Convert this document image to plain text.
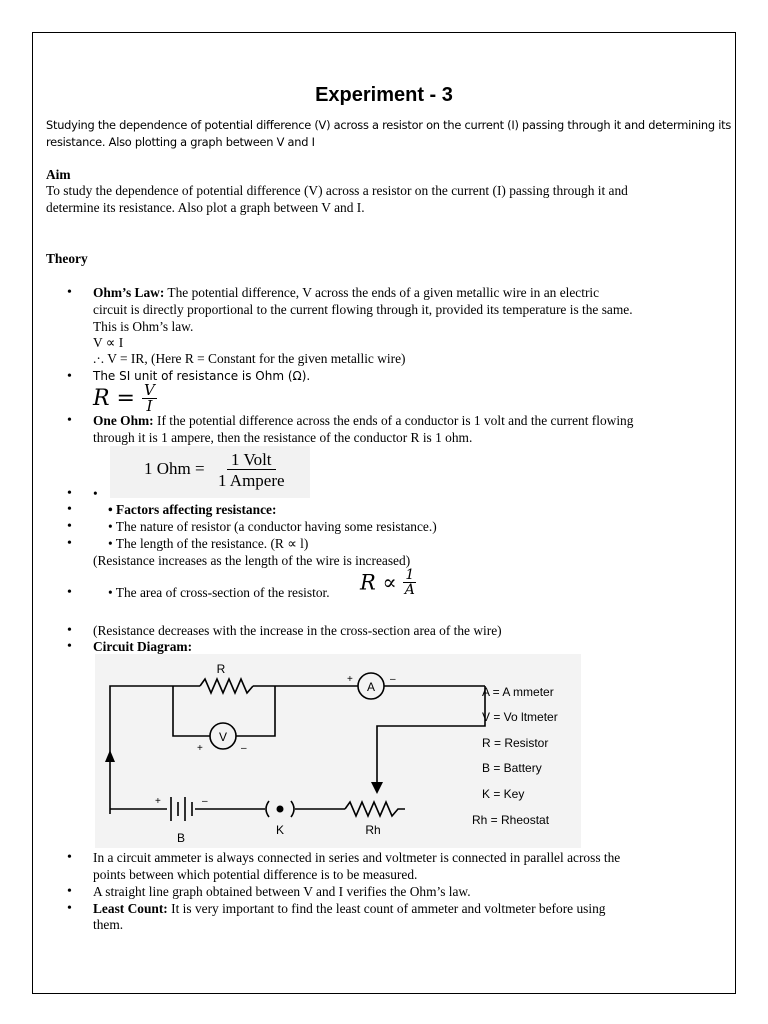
Experiment - 3
Studying the dependence of potential difference (V) across a resistor on the current (I) passing through it and determining its resistance. Also plotting a graph between V and I
Aim
To study the dependence of potential difference (V) across a resistor on the current (I) passing through it and
determine its resistance. Also plot a graph between V and I.
Theory
• Ohm’s Law: The potential difference, V across the ends of a given metallic wire in an electric
circuit is directly proportional to the current flowing through it, provided its temperature is the same.
This is Ohm’s law.
V ∝ I
.·. V = IR, (Here R = Constant for the given metallic wire)
• The SI unit of resistance is Ohm (Ω).
$R = \frac{V}{I}$
• One Ohm: If the potential difference across the ends of a conductor is 1 volt and the current flowing
through it is 1 ampere, then the resistance of the conductor R is 1 ohm.
1 Ohm = 1 Volt
1 Ampere
• •
•	• Factors affecting resistance:
•	• The nature of resistor (a conductor having some resistance.)
•	• The length of the resistance. (R ∝ l)
(Resistance increases as the length of the wire is increased)
•	• The area of cross-section of the resistor. $R \propto \frac{1}{A}$
• (Resistance decreases with the increase in the cross-section area of the wire)
• Circuit Diagram:
R
A
V
+	–
+	–
+	–
B
K	Rh
A = A mmeter
V = Vo ltmeter
R = Resistor
B = Battery
K = Key
Rh = Rheostat
• In a circuit ammeter is always connected in series and voltmeter is connected in parallel across the
points between which potential difference is to be measured.
• A straight line graph obtained between V and I verifies the Ohm’s law.
• Least Count: It is very important to find the least count of ammeter and voltmeter before using
them.
